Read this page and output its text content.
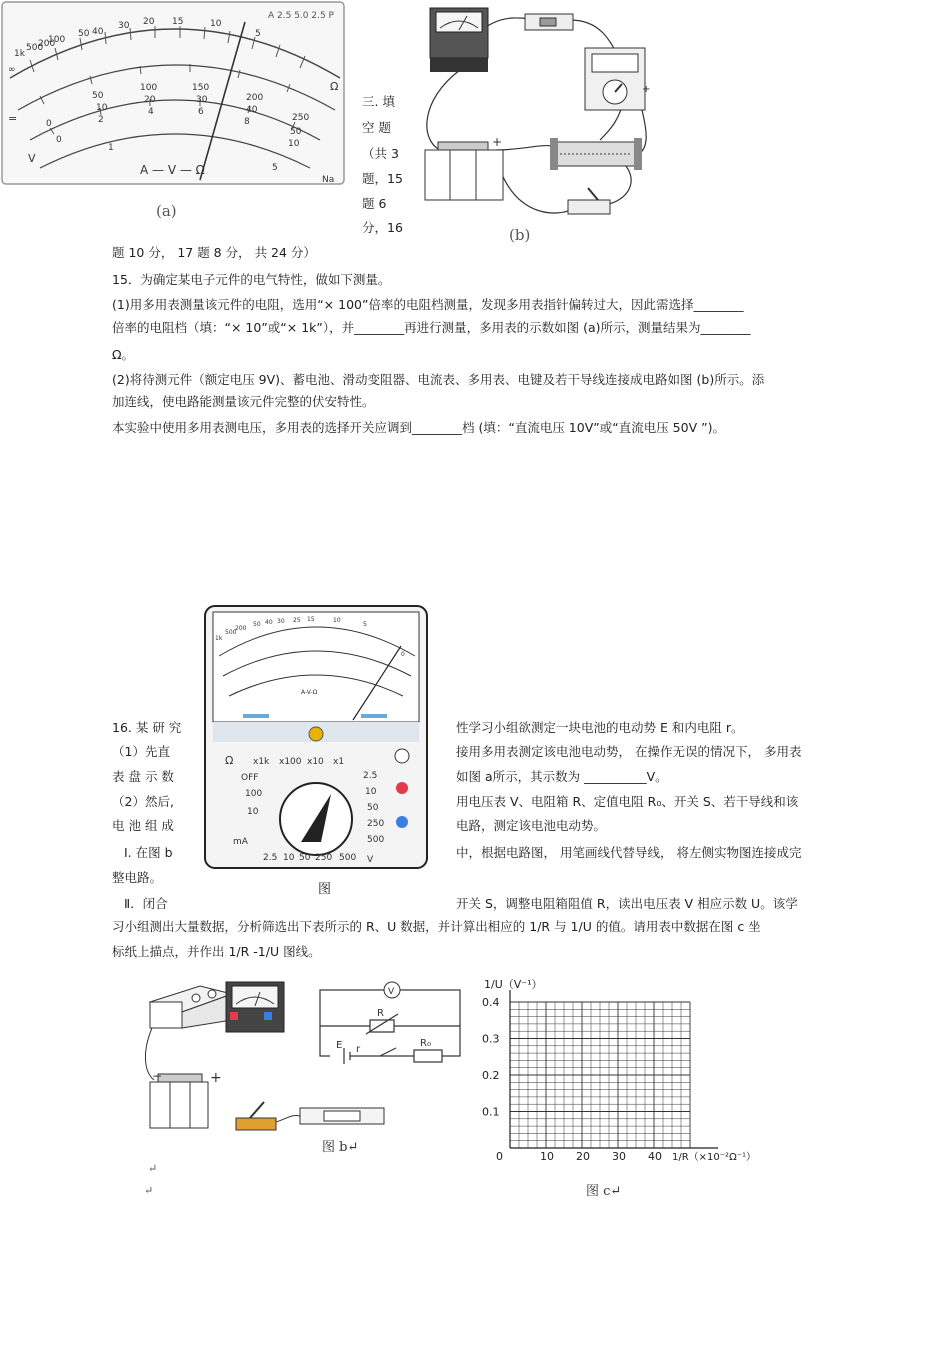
∞
1k
500
200
100
50 40
30 20 15	10
5
A 2.5 5.0 2.5 P
Ω
=
50
100	150
200
250
10
20	30
40
50
0	2
4	6
8
10
0
1
5
V
A — V — Ω
Na
(a)
三. 填
空 题
（共 3
题，15
题 6
分，16
+
+
(b)
题 10 分， 17 题 8 分， 共 24 分）
15．为确定某电子元件的电气特性，做如下测量。
(1)用多用表测量该元件的电阻，选用“× 100”倍率的电阻档测量，发现多用表指针偏转过大，因此需选择________
倍率的电阻档（填：“× 10”或“× 1k”），并________再进行测量，多用表的示数如图 (a)所示，测量结果为________
Ω。
(2)将待测元件（额定电压 9V)、蓄电池、滑动变阻器、电流表、多用表、电键及若干导线连接成电路如图 (b)所示。添
加连线，使电路能测量该元件完整的伏安特性。
本实验中使用多用表测电压，多用表的选择开关应调到________档 (填：“直流电压 10V”或“直流电压 50V ”)。
1k
500
200
50 40 30 25 15	10
5
0
A-V-Ω
x1k x100 x10 x1
Ω
OFF
100
10
2.5
10
50
250
500
mA
2.5 10 50 250 500 V
图
16. 某 研 究	性学习小组欲测定一块电池的电动势 E 和内电阻 r。
（1）先直	接用多用表测定该电池电动势， 在操作无误的情况下， 多用表
表 盘 示 数	如图 a所示，其示数为 __________V。
（2）然后,	用电压表 V、电阻箱 R、定值电阻 R₀、开关 S、若干导线和该
电 池 组 成	电路，测定该电池电动势。
Ⅰ. 在图 b	中，根据电路图， 用笔画线代替导线， 将左侧实物图连接成完
整电路。
Ⅱ．闭合	开关 S，调整电阻箱阻值 R，读出电压表 V 相应示数 U。该学
习小组测出大量数据，分析筛选出下表所示的 R、U 数据，并计算出相应的 1/R 与 1/U 的值。请用表中数据在图 c 坐
标纸上描点，并作出 1/R -1/U 图线。
−	+
V
R
E r
R₀
图 b↵
↵
↵
1/U（V⁻¹）
0	1/R（×10⁻²Ω⁻¹）
0.4
0.3
0.2
0.1
10 20 30 40
图 c↵
